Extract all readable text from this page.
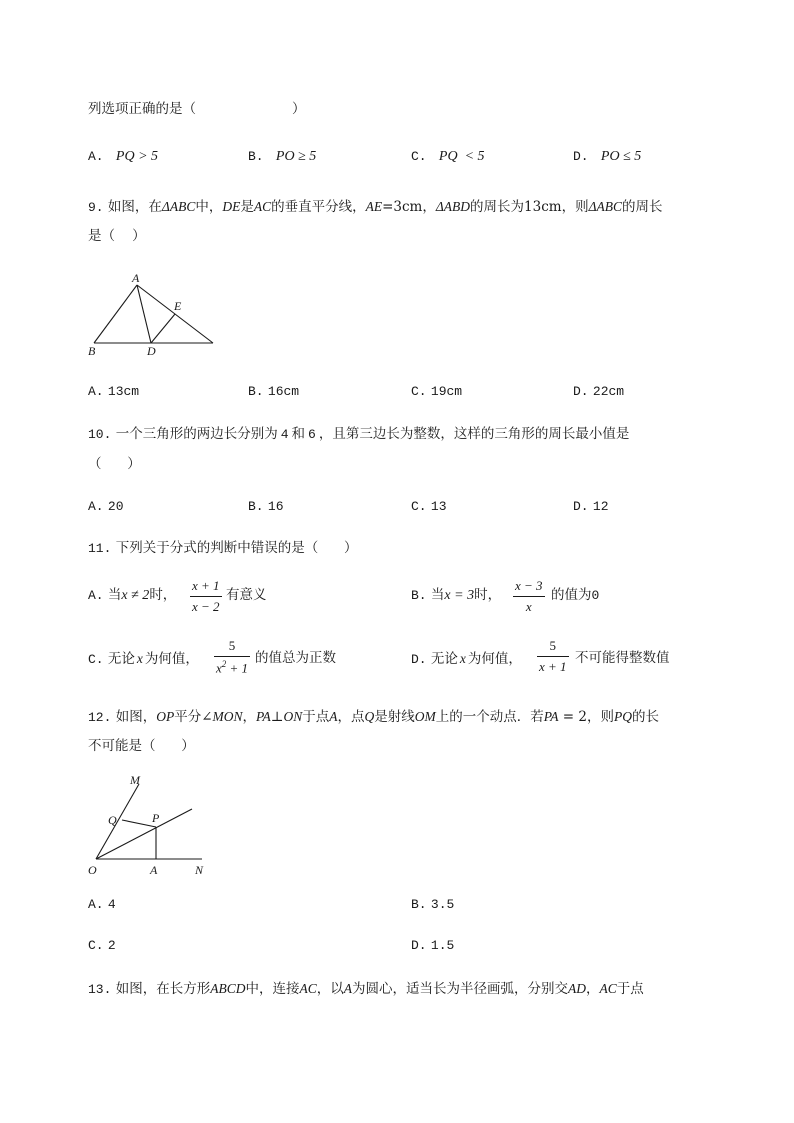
列选项正确的是（	）
A. PQ > 5	B. PO ≥ 5	C. PQ  < 5	D. PO ≤ 5
9. 如图，在ΔABC中，DE是AC的垂直平分线，AE=3cm，ΔABD的周长为13cm，则ΔABC的周长
是（    ）
A
B	D
E
A. 13cm	B. 16cm	C. 19cm	D. 22cm
10. 一个三角形的两边长分别为 4 和 6 ，且第三边长为整数，这样的三角形的周长最小值是
（      ）
A. 20	B. 16	C. 13	D. 12
11. 下列关于分式的判断中错误的是（      ）
A. 当x ≠ 2时， $\frac{x + 1}{x - 2}$ 有意义	B. 当x = 3时， $\frac{x - 3}{x}$ 的值为0
C. 无论 x 为何值， $\frac{5}{x^2 + 1}$ 的值总为正数	D. 无论 x 为何值， $\frac{5}{x + 1}$ 不可能得整数值
12. 如图，OP平分∠MON，PA⊥ON于点A，点Q是射线OM上的一个动点．若PA = 2，则PQ的长
不可能是（      ）
M
Q	P
O	A	N
A. 4	B. 3.5
C. 2	D. 1.5
13. 如图，在长方形ABCD中，连接AC，以A为圆心，适当长为半径画弧，分别交AD，AC于点
